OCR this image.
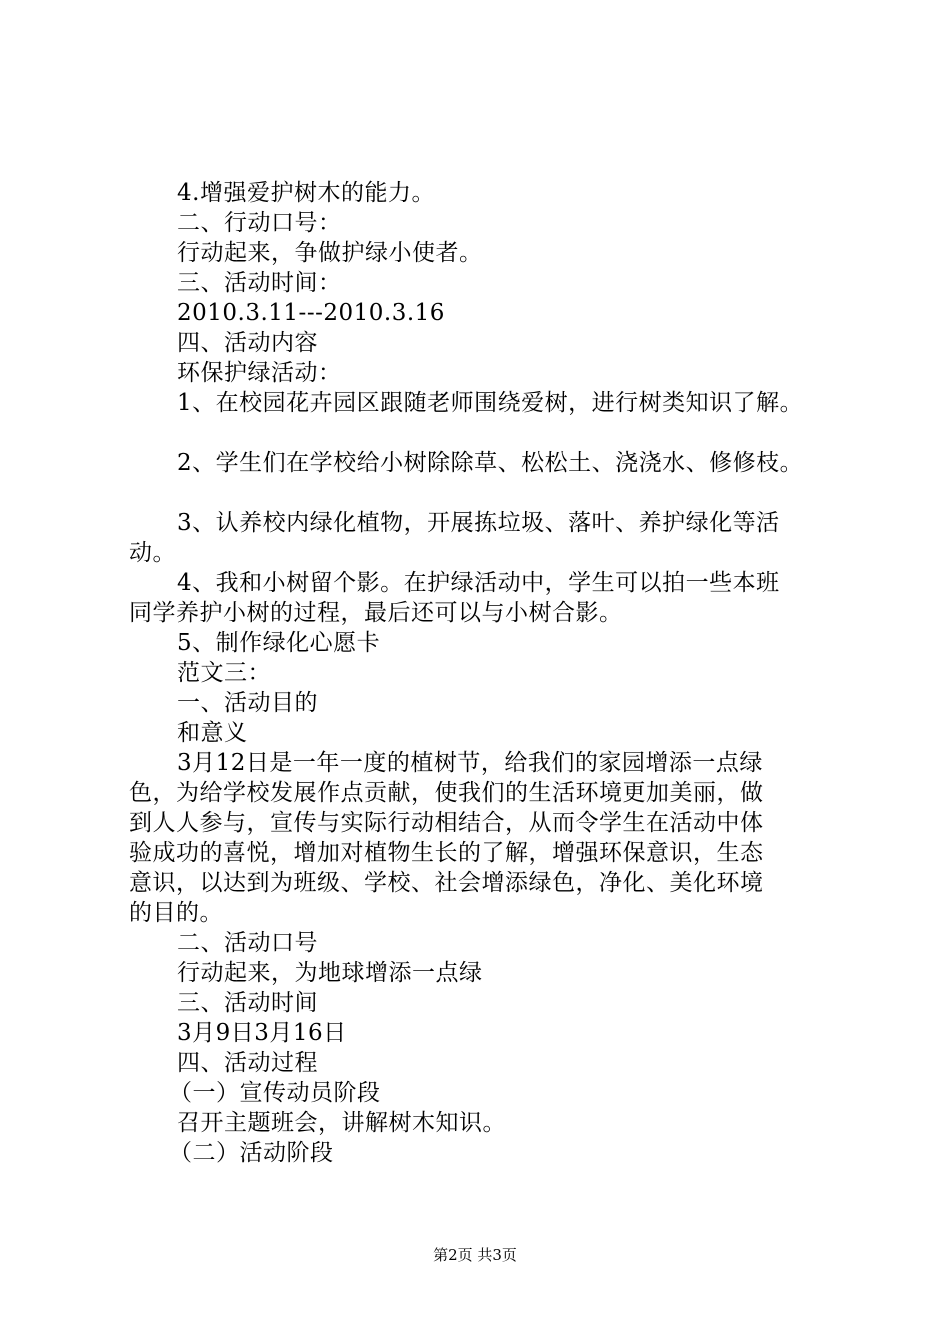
4.增强爱护树木的能力。
二、行动口号：
行动起来，争做护绿小使者。
三、活动时间：
2010.3.11---2010.3.16
四、活动内容
环保护绿活动：
1、在校园花卉园区跟随老师围绕爱树，进行树类知识了解。
2、学生们在学校给小树除除草、松松土、浇浇水、修修枝。
3、认养校内绿化植物，开展拣垃圾、落叶、养护绿化等活
动。
4、我和小树留个影。在护绿活动中，学生可以拍一些本班
同学养护小树的过程，最后还可以与小树合影。
5、制作绿化心愿卡
范文三：
一、活动目的
和意义
3月12日是一年一度的植树节，给我们的家园增添一点绿
色，为给学校发展作点贡献，使我们的生活环境更加美丽，做
到人人参与，宣传与实际行动相结合，从而令学生在活动中体
验成功的喜悦，增加对植物生长的了解，增强环保意识，生态
意识，以达到为班级、学校、社会增添绿色，净化、美化环境
的目的。
二、活动口号
行动起来，为地球增添一点绿
三、活动时间
3月9日3月16日
四、活动过程
（一）宣传动员阶段
召开主题班会，讲解树木知识。
（二）活动阶段
第2页 共3页
